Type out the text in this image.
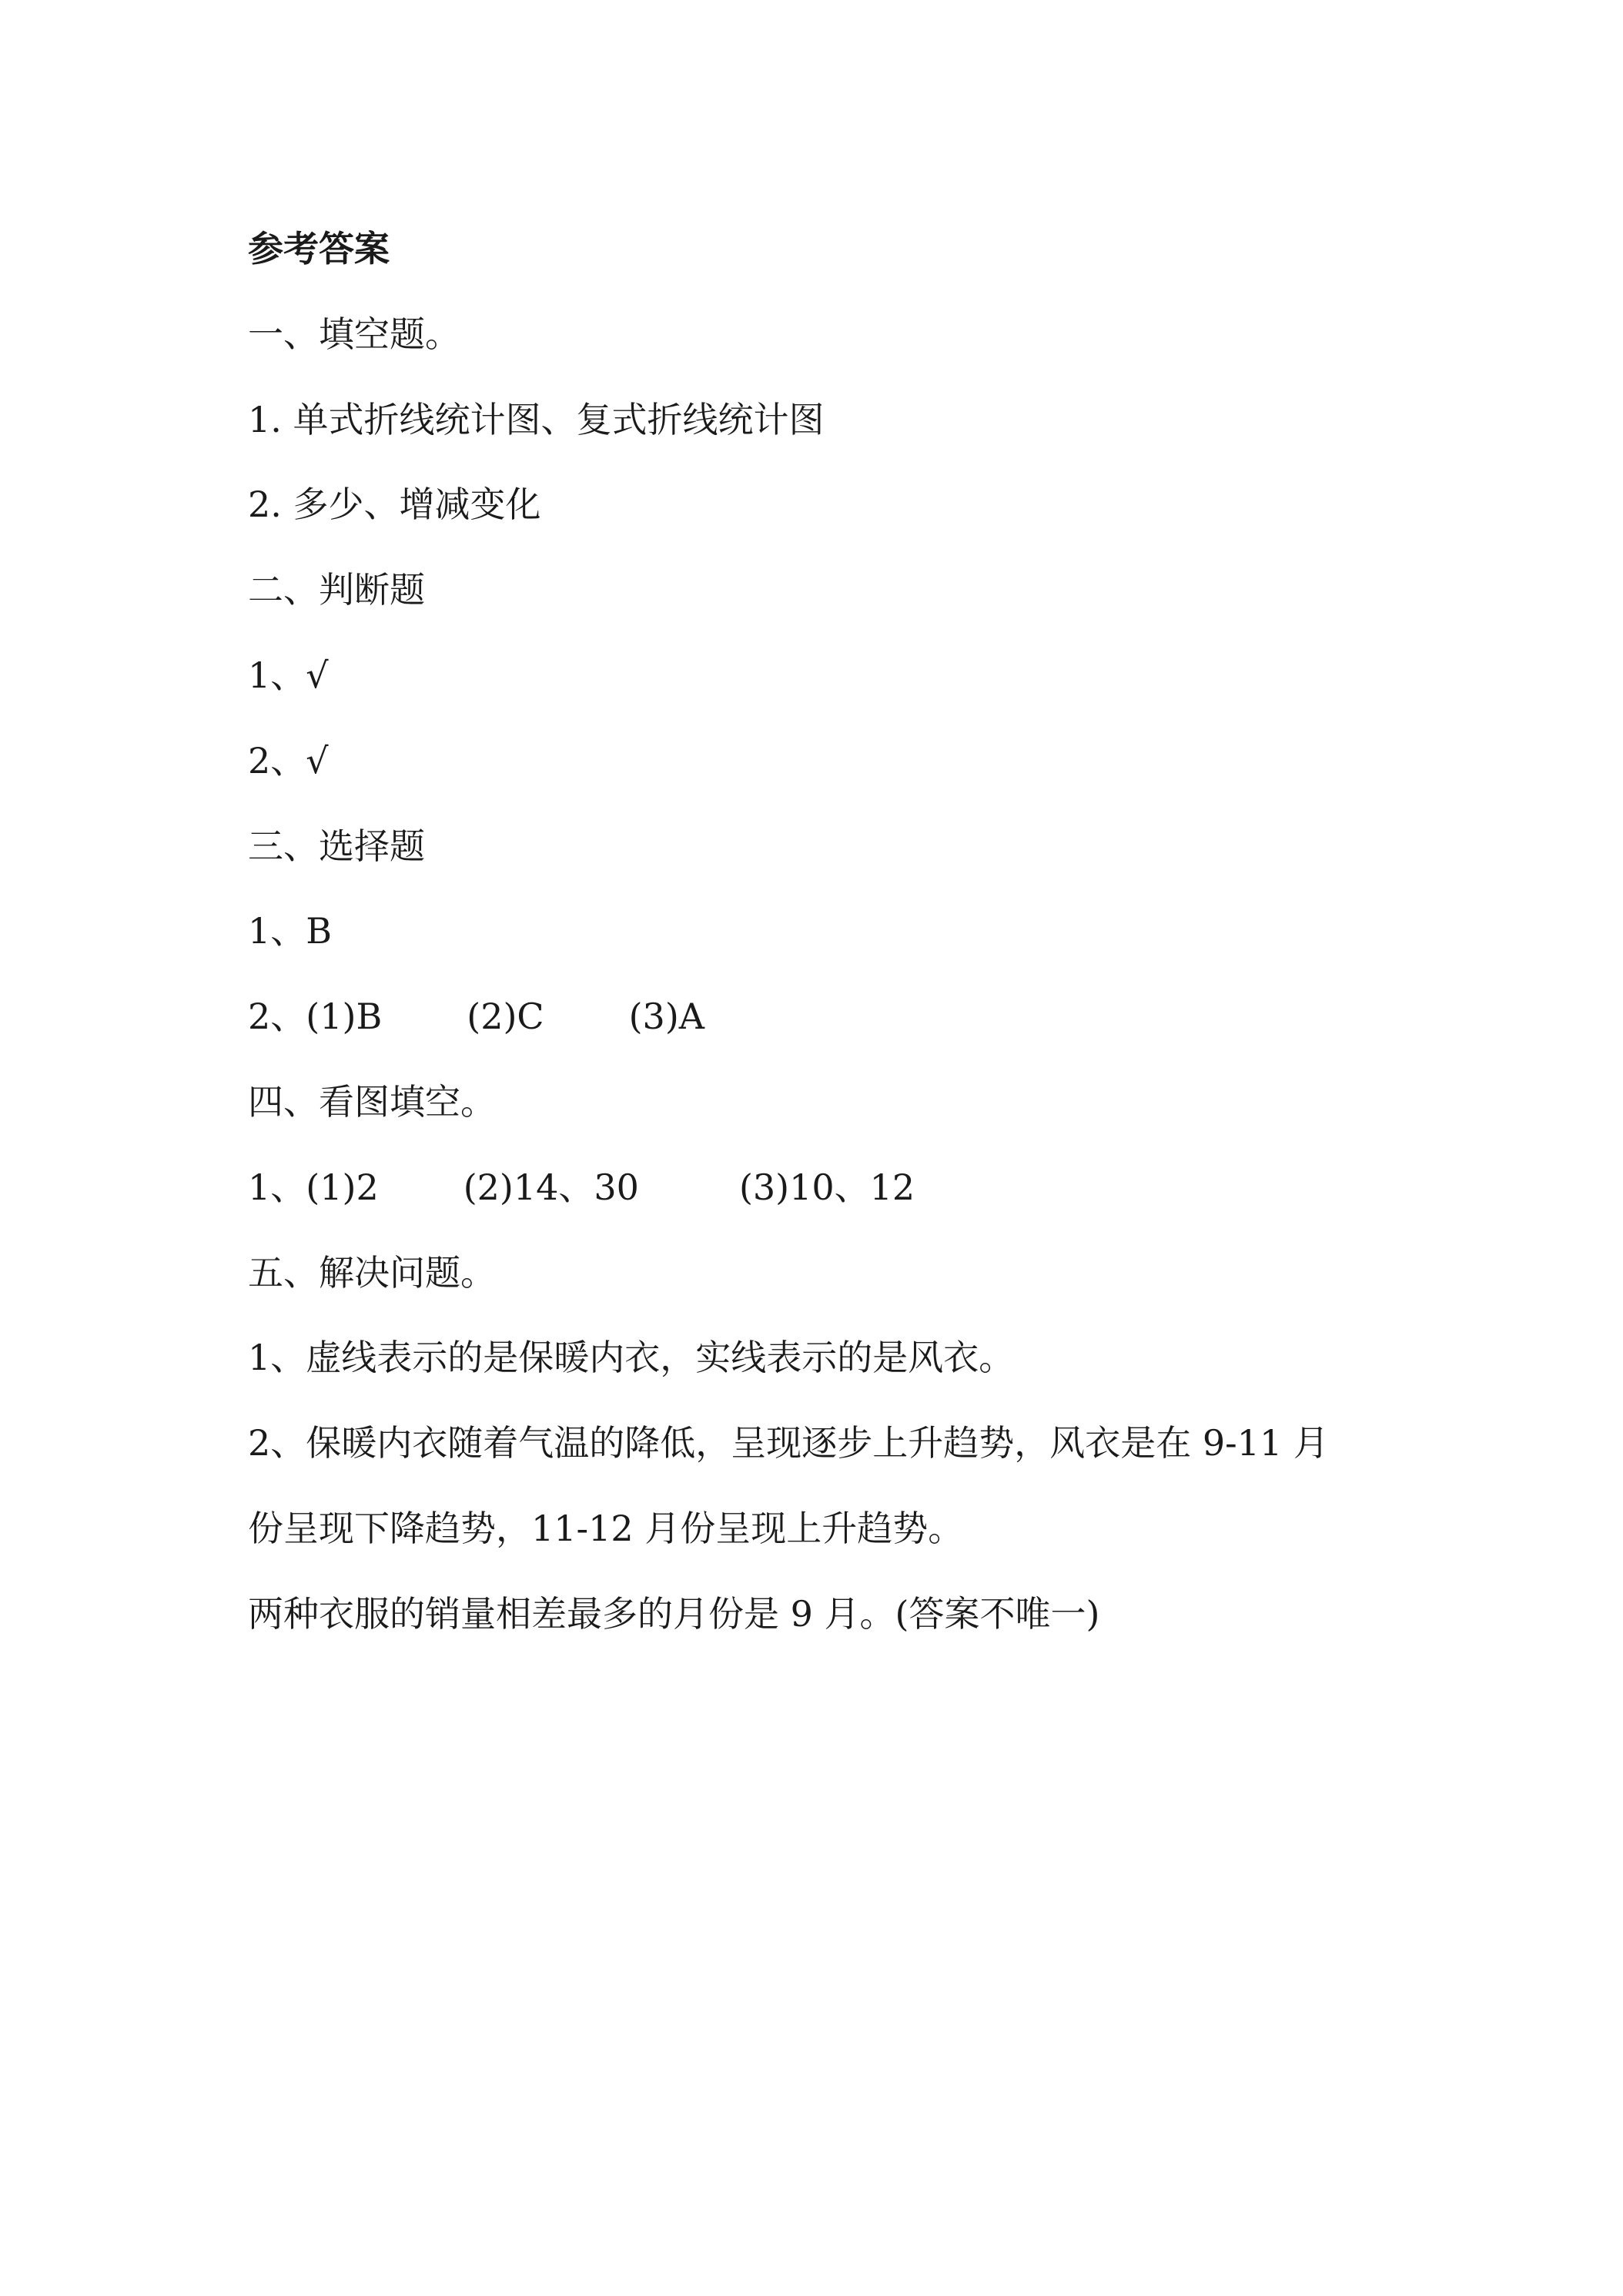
参考答案
一、填空题。
1. 单式折线统计图、复式折线统计图
2. 多少、增减变化
二、判断题
1、√
2、√
三、选择题
1、B
2、(1)B (2)C (3)A
四、看图填空。
1、(1)2 (2)14、30	(3)10、12
五、解决问题。
1、虚线表示的是保暖内衣，实线表示的是风衣。
2、保暖内衣随着气温的降低，呈现逐步上升趋势，风衣是在 9-11 月
份呈现下降趋势，11-12 月份呈现上升趋势。
两种衣服的销量相差最多的月份是 9 月。(答案不唯一)
